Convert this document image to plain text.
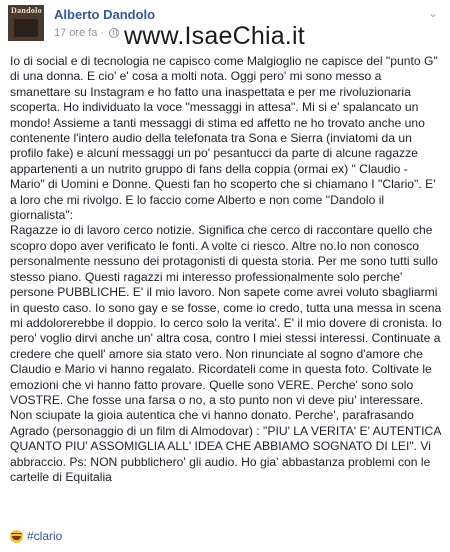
Dandolo Alberto Dandolo
17 ore fa ·
⌄
www.IsaeChia.it
Io di social e di tecnologia ne capisco come Malgioglio ne capisce del "punto G" di una donna. E cio' e' cosa a molti nota. Oggi pero' mi sono messo a smanettare su Instagram e ho fatto una inaspettata e per me rivoluzionaria scoperta. Ho individuato la voce "messaggi in attesa". Mi si e' spalancato un mondo! Assieme a tanti messaggi di stima ed affetto ne ho trovato anche uno contenente l'intero audio della telefonata tra Sona e Sierra (inviatomi da un profilo fake) e alcuni messaggi un po' pesantucci da parte di alcune ragazze appartenenti a un nutrito gruppo di fans della coppia (ormai ex) " Claudio - Mario" di Uomini e Donne. Questi fan ho scoperto che si chiamano I "Clario". E' a loro che mi rivolgo. E lo faccio come Alberto e non come "Dandolo il giornalista":
Ragazze io di lavoro cerco notizie. Significa che cerco di raccontare quello che scopro dopo aver verificato le fonti. A volte ci riesco. Altre no.Io non conosco personalmente nessuno dei protagonisti di questa storia. Per me sono tutti sullo stesso piano. Questi ragazzi mi interesso professionalmente solo perche' persone PUBBLICHE. E' il mio lavoro. Non sapete come avrei voluto sbagliarmi in questo caso. Io sono gay e se fosse, come io credo, tutta una messa in scena mi addolorerebbe il doppio. Io cerco solo la verita'. E' il mio dovere di cronista. Io pero' voglio dirvi anche un' altra cosa, contro I miei stessi interessi. Continuate a credere che quell' amore sia stato vero. Non rinunciate al sogno d'amore che Claudio e Mario vi hanno regalato. Ricordateli come in questa foto. Coltivate le emozioni che vi hanno fatto provare. Quelle sono VERE. Perche' sono solo VOSTRE. Che fosse una farsa o no, a sto punto non vi deve piu' interessare. Non sciupate la gioia autentica che vi hanno donato. Perche', parafrasando Agrado (personaggio di un film di Almodovar) : "PIU' LA VERITA' E' AUTENTICA QUANTO PIU' ASSOMIGLIA ALL' IDEA CHE ABBIAMO SOGNATO DI LEI". Vi abbraccio. Ps: NON pubblichero' gli audio. Ho gia' abbastanza problemi con le cartelle di Equitalia
#clario
